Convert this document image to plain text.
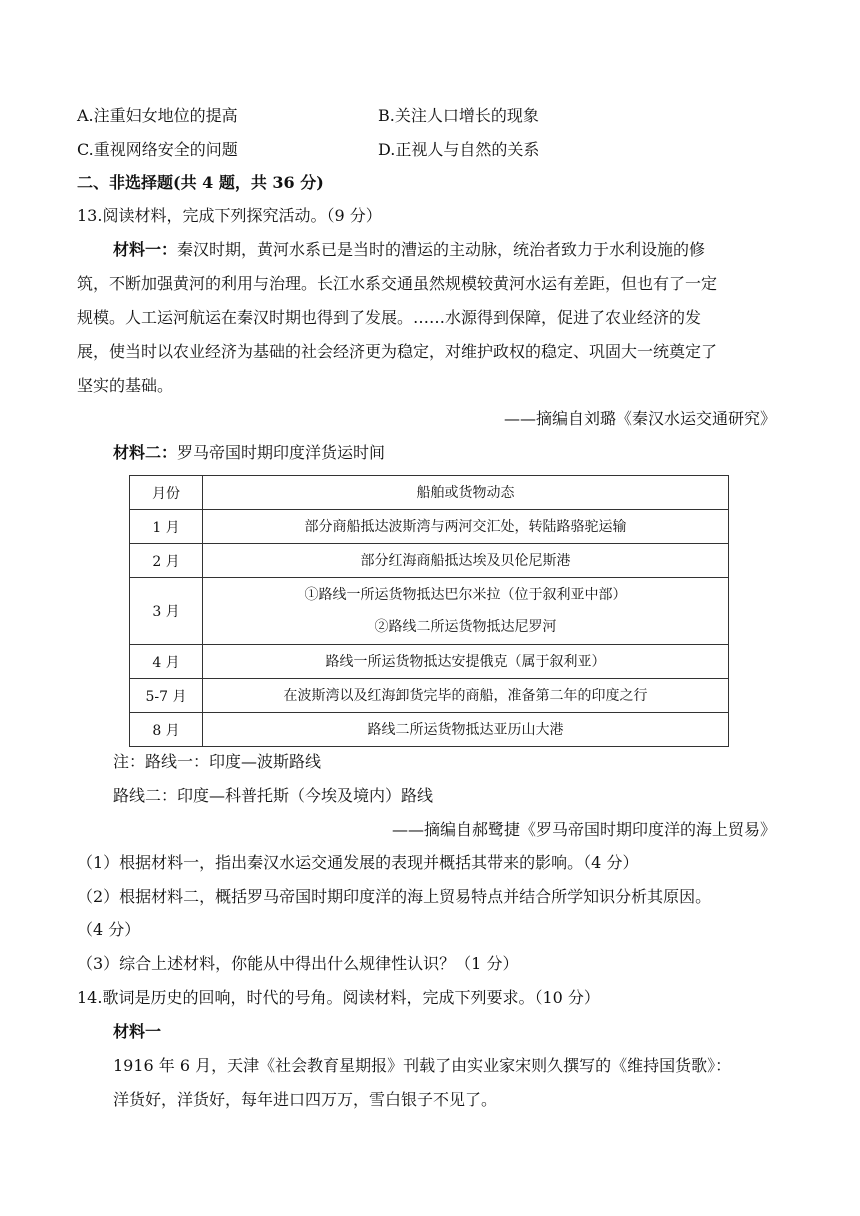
A.注重妇女地位的提高	B.关注人口增长的现象
C.重视网络安全的问题	D.正视人与自然的关系
二、非选择题(共 4 题，共 36 分)
13.阅读材料，完成下列探究活动。（9 分）
材料一：秦汉时期，黄河水系已是当时的漕运的主动脉，统治者致力于水利设施的修
筑，不断加强黄河的利用与治理。长江水系交通虽然规模较黄河水运有差距，但也有了一定
规模。人工运河航运在秦汉时期也得到了发展。……水源得到保障，促进了农业经济的发
展，使当时以农业经济为基础的社会经济更为稳定，对维护政权的稳定、巩固大一统奠定了
坚实的基础。
——摘编自刘璐《秦汉水运交通研究》
材料二：罗马帝国时期印度洋货运时间
月份	船舶或货物动态
1 月	部分商船抵达波斯湾与两河交汇处，转陆路骆驼运输
2 月	部分红海商船抵达埃及贝伦尼斯港
3 月	①路线一所运货物抵达巴尔米拉（位于叙利亚中部）
②路线二所运货物抵达尼罗河

4 月	路线一所运货物抵达安提俄克（属于叙利亚）
5-7 月	在波斯湾以及红海卸货完毕的商船，准备第二年的印度之行
8 月	路线二所运货物抵达亚历山大港
注：路线一：印度—波斯路线
路线二：印度—科普托斯（今埃及境内）路线
——摘编自郝鹭捷《罗马帝国时期印度洋的海上贸易》
（1）根据材料一，指出秦汉水运交通发展的表现并概括其带来的影响。（4 分）
（2）根据材料二，概括罗马帝国时期印度洋的海上贸易特点并结合所学知识分析其原因。
（4 分）
（3）综合上述材料，你能从中得出什么规律性认识？（1 分）
14.歌词是历史的回响，时代的号角。阅读材料，完成下列要求。（10 分）
材料一
1916 年 6 月，天津《社会教育星期报》刊载了由实业家宋则久撰写的《维持国货歌》：
洋货好，洋货好，每年进口四万万，雪白银子不见了。
